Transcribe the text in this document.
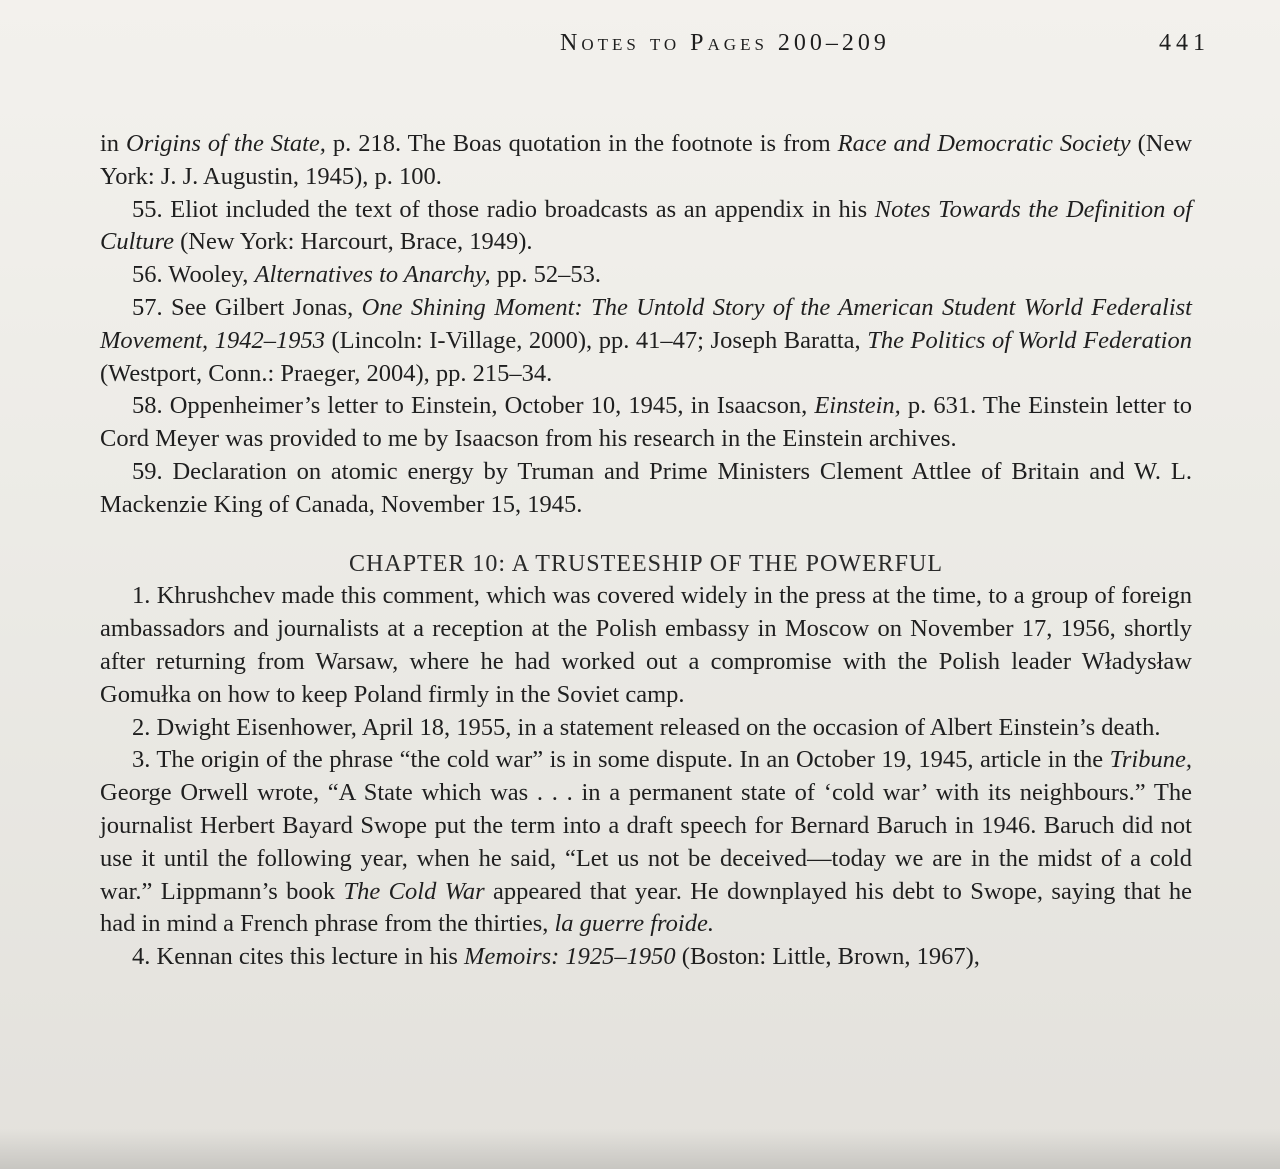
Notes to Pages 200–209	441

in Origins of the State, p. 218. The Boas quotation in the footnote is from Race and Democratic Society (New York: J. J. Augustin, 1945), p. 100.

55. Eliot included the text of those radio broadcasts as an appendix in his Notes Towards the Definition of Culture (New York: Harcourt, Brace, 1949).

56. Wooley, Alternatives to Anarchy, pp. 52–53.

57. See Gilbert Jonas, One Shining Moment: The Untold Story of the American Student World Federalist Movement, 1942–1953 (Lincoln: I-Village, 2000), pp. 41–47; Joseph Baratta, The Politics of World Federation (Westport, Conn.: Praeger, 2004), pp. 215–34.

58. Oppenheimer’s letter to Einstein, October 10, 1945, in Isaacson, Einstein, p. 631. The Einstein letter to Cord Meyer was provided to me by Isaacson from his research in the Einstein archives.

59. Declaration on atomic energy by Truman and Prime Ministers Clement Attlee of Britain and W. L. Mackenzie King of Canada, November 15, 1945.

CHAPTER 10: A TRUSTEESHIP OF THE POWERFUL

1. Khrushchev made this comment, which was covered widely in the press at the time, to a group of foreign ambassadors and journalists at a reception at the Polish embassy in Moscow on November 17, 1956, shortly after returning from Warsaw, where he had worked out a compromise with the Polish leader Władysław Gomułka on how to keep Poland firmly in the Soviet camp.

2. Dwight Eisenhower, April 18, 1955, in a statement released on the occasion of Albert Einstein’s death.

3. The origin of the phrase “the cold war” is in some dispute. In an October 19, 1945, article in the Tribune, George Orwell wrote, “A State which was . . . in a permanent state of ‘cold war’ with its neighbours.” The journalist Herbert Bayard Swope put the term into a draft speech for Bernard Baruch in 1946. Baruch did not use it until the following year, when he said, “Let us not be deceived—today we are in the midst of a cold war.” Lippmann’s book The Cold War appeared that year. He downplayed his debt to Swope, saying that he had in mind a French phrase from the thirties, la guerre froide.

4. Kennan cites this lecture in his Memoirs: 1925–1950 (Boston: Little, Brown, 1967),
